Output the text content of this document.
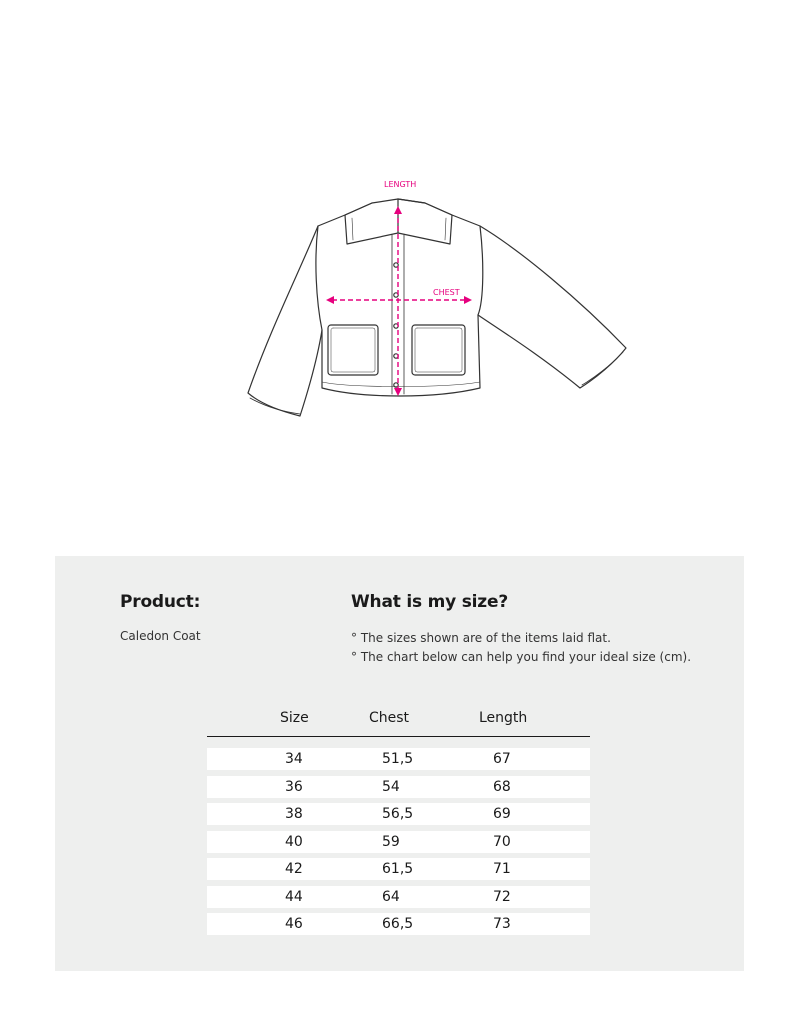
LENGTH
CHEST
Product:

Caledon Coat

What is my size?
° The sizes shown are of the items laid flat.
° The chart below can help you find your ideal size (cm).
Size	Chest	Length
34	51,5	67
36	54	68
38	56,5	69
40	59	70
42	61,5	71
44	64	72
46	66,5	73
